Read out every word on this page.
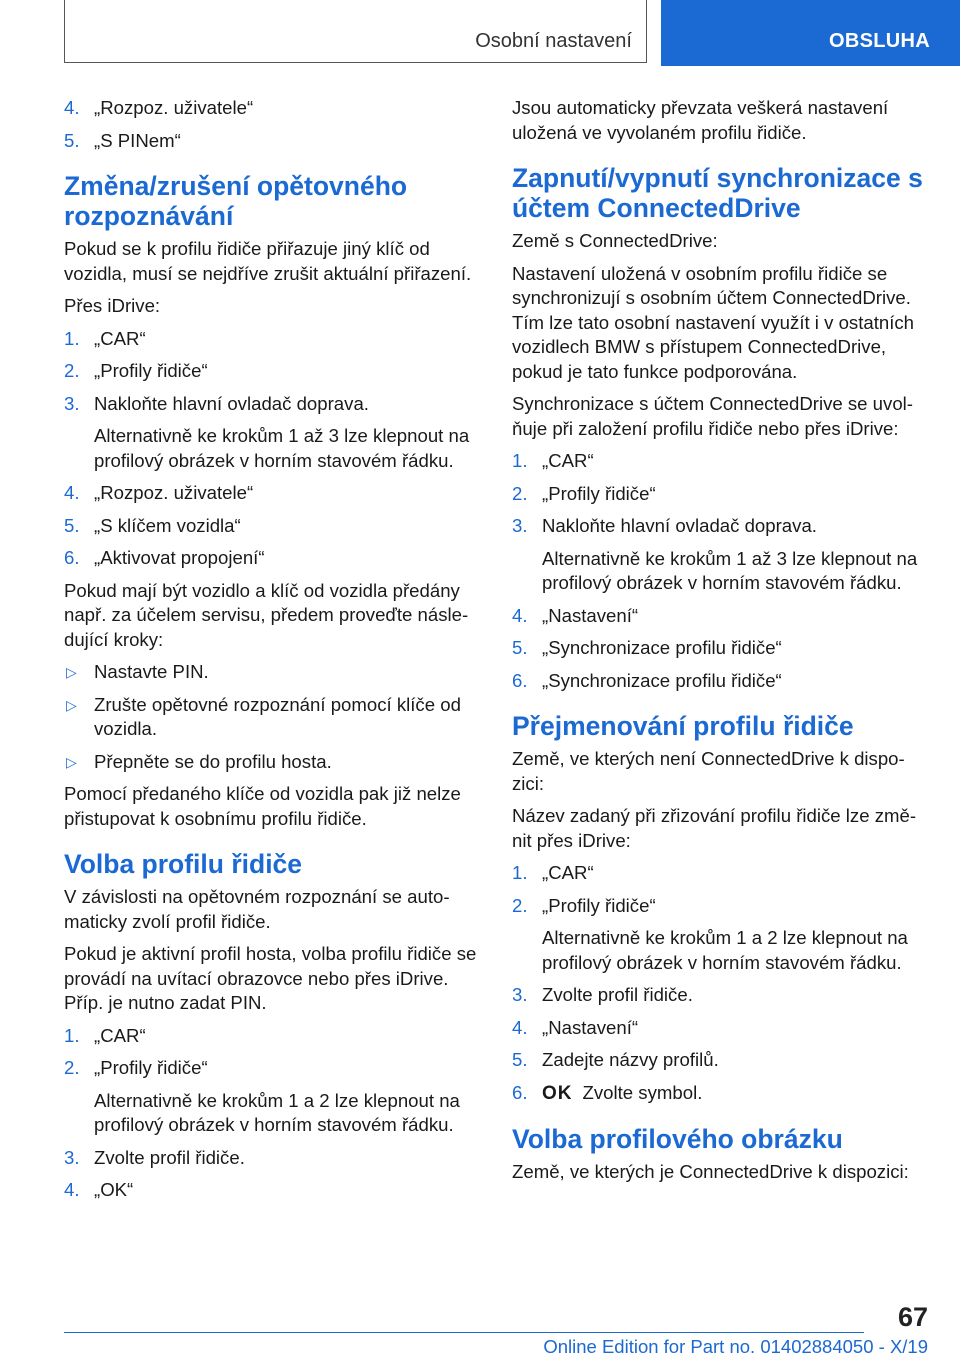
Osobní nastavení	OBSLUHA
4. „Rozpoz. uživatele“
5. „S PINem“
Změna/zrušení opětovného rozpoznávání

Pokud se k profilu řidiče přiřazuje jiný klíč od vozidla, musí se nejdříve zrušit aktuální přiřazení.

Přes iDrive:

1. „CAR“
2. „Profily řidiče“
3. Nakloňte hlavní ovladač doprava.
Alternativně ke krokům 1 až 3 lze klepnout na profilový obrázek v horním stavovém řádku.
4. „Rozpoz. uživatele“
5. „S klíčem vozidla“
6. „Aktivovat propojení“

Pokud mají být vozidlo a klíč od vozidla předány např. za účelem servisu, předem proveďte následující kroky:

▷ Nastavte PIN.
▷ Zrušte opětovné rozpoznání pomocí klíče od vozidla.
▷ Přepněte se do profilu hosta.

Pomocí předaného klíče od vozidla pak již nelze přistupovat k osobnímu profilu řidiče.

Volba profilu řidiče

V závislosti na opětovném rozpoznání se automaticky zvolí profil řidiče.

Pokud je aktivní profil hosta, volba profilu řidiče se provádí na uvítací obrazovce nebo přes iDrive. Příp. je nutno zadat PIN.

1. „CAR“
2. „Profily řidiče“
Alternativně ke krokům 1 a 2 lze klepnout na profilový obrázek v horním stavovém řádku.
3. Zvolte profil řidiče.
4. „OK“

Jsou automaticky převzata veškerá nastavení uložená ve vyvolaném profilu řidiče.

Zapnutí/vypnutí synchronizace s účtem ConnectedDrive

Země s ConnectedDrive:

Nastavení uložená v osobním profilu řidiče se synchronizují s osobním účtem ConnectedDrive. Tím lze tato osobní nastavení využít i v ostatních vozidlech BMW s přístupem ConnectedDrive, pokud je tato funkce podporována.

Synchronizace s účtem ConnectedDrive se uvolňuje při založení profilu řidiče nebo přes iDrive:

1. „CAR“
2. „Profily řidiče“
3. Nakloňte hlavní ovladač doprava.
Alternativně ke krokům 1 až 3 lze klepnout na profilový obrázek v horním stavovém řádku.
4. „Nastavení“
5. „Synchronizace profilu řidiče“
6. „Synchronizace profilu řidiče“
Přejmenování profilu řidiče

Země, ve kterých není ConnectedDrive k dispozici:

Název zadaný při zřizování profilu řidiče lze změnit přes iDrive:

1. „CAR“
2. „Profily řidiče“
Alternativně ke krokům 1 a 2 lze klepnout na profilový obrázek v horním stavovém řádku.
3. Zvolte profil řidiče.
4. „Nastavení“
5. Zadejte názvy profilů.
6. OK Zvolte symbol.
Volba profilového obrázku

Země, ve kterých je ConnectedDrive k dispozici:

67
Online Edition for Part no. 01402884050 - X/19
